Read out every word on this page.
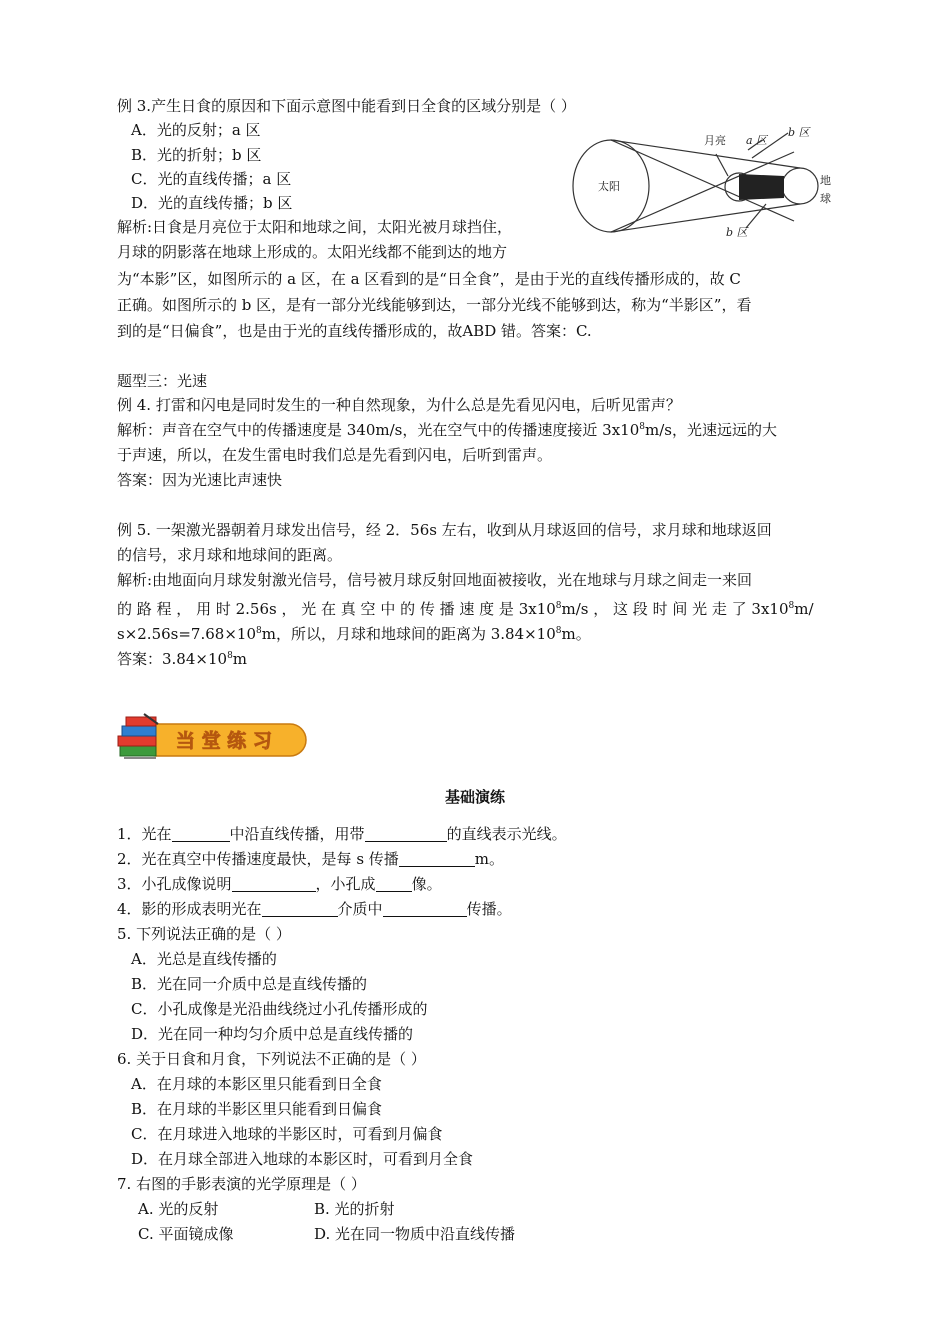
例 3.产生日食的原因和下面示意图中能看到日全食的区域分别是（ ）
A．光的反射；a 区
B．光的折射；b 区
C．光的直线传播；a 区
D．光的直线传播；b 区
解析:日食是月亮位于太阳和地球之间，太阳光被月球挡住，
月球的阴影落在地球上形成的。太阳光线都不能到达的地方
为“本影”区，如图所示的 a 区，在 a 区看到的是“日全食”，是由于光的直线传播形成的，故 C
正确。如图所示的 b 区，是有一部分光线能够到达，一部分光线不能够到达，称为“半影区”，看
到的是“日偏食”，也是由于光的直线传播形成的，故ABD 错。答案：C.
太阳
月亮 a 区
b 区
b 区
地
球
题型三：光速
例 4. 打雷和闪电是同时发生的一种自然现象，为什么总是先看见闪电，后听见雷声？
解析：声音在空气中的传播速度是 340m/s，光在空气中的传播速度接近 $3x10^8m/s$，光速远远的大
于声速，所以，在发生雷电时我们总是先看到闪电，后听到雷声。
答案：因为光速比声速快
例 5. 一架激光器朝着月球发出信号，经 2．56s 左右，收到从月球返回的信号，求月球和地球返回
的信号，求月球和地球间的距离。
解析:由地面向月球发射激光信号，信号被月球反射回地面被接收，光在地球与月球之间走一来回
的 路 程 ， 用 时 2.56s ， 光 在 真 空 中 的 传 播 速 度 是 $3x10^8m/s$ ， 这 段 时 间 光 走 了 $3x10^8m/$
$s\times 2.56s=7.68\times 10^8m$，所以，月球和地球间的距离为 $3.84\times 10^8m$。
答案：$3.84\times 10^8m$
当 堂 练 习
基础演练
1．光在	中沿直线传播，用带	的直线表示光线。
2．光在真空中传播速度最快，是每 s 传播	m。
3．小孔成像说明	，小孔成 像。
4．影的形成表明光在	介质中	传播。
5. 下列说法正确的是（ ）
A．光总是直线传播的
B．光在同一介质中总是直线传播的
C．小孔成像是光沿曲线绕过小孔传播形成的
D．光在同一种均匀介质中总是直线传播的
6. 关于日食和月食，下列说法不正确的是（ ）
A．在月球的本影区里只能看到日全食
B．在月球的半影区里只能看到日偏食
C．在月球进入地球的半影区时，可看到月偏食
D．在月球全部进入地球的本影区时，可看到月全食
7. 右图的手影表演的光学原理是（ ）
A. 光的反射	B. 光的折射
C. 平面镜成像	D. 光在同一物质中沿直线传播
